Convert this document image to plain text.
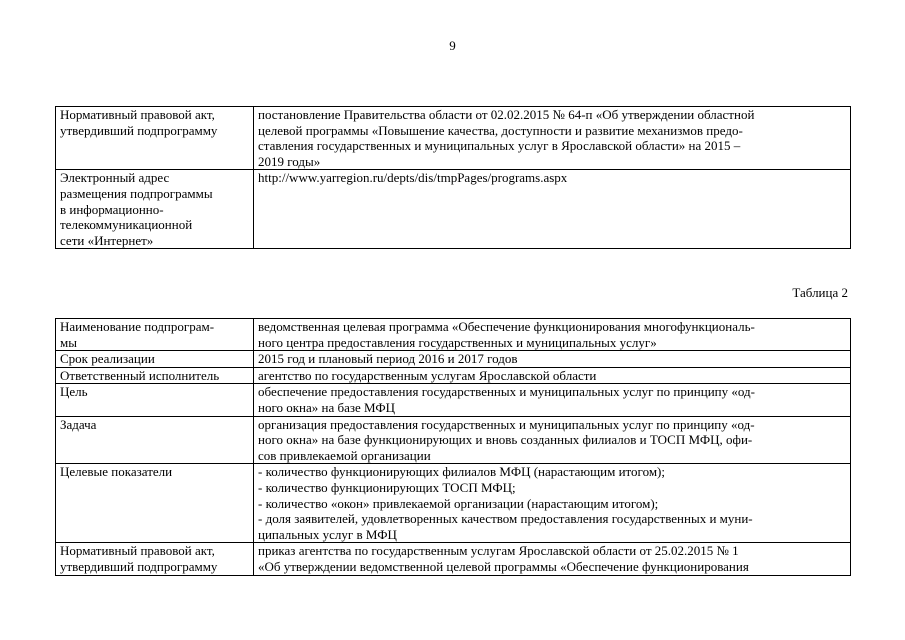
9
Нормативный правовой акт,
утвердивший подпрограмму	постановление Правительства области от 02.02.2015 № 64-п «Об утверждении областной
целевой программы «Повышение качества, доступности и развитие механизмов предо-
ставления государственных и муниципальных услуг в Ярославской области» на 2015 –
2019 годы»

Электронный адрес
размещения подпрограммы
в информационно-
телекоммуникационной
сети «Интернет»	http://www.yarregion.ru/depts/dis/tmpPages/programs.aspx
Таблица 2
Наименование подпрограм-
мы	ведомственная целевая программа «Обеспечение функционирования многофункциональ-
ного центра предоставления государственных и муниципальных услуг»

Срок реализации	2015 год и плановый период 2016 и 2017 годов

Ответственный исполнитель	агентство по государственным услугам Ярославской области

Цель	обеспечение предоставления государственных и муниципальных услуг по принципу «од-
ного окна» на базе МФЦ

Задача	организация предоставления государственных и муниципальных услуг по принципу «од-
ного окна» на базе функционирующих и вновь созданных филиалов и ТОСП МФЦ, офи-
сов привлекаемой организации

Целевые показатели	- количество функционирующих филиалов МФЦ (нарастающим итогом);
- количество функционирующих ТОСП МФЦ;
- количество «окон» привлекаемой организации (нарастающим итогом);
- доля заявителей, удовлетворенных качеством предоставления государственных и муни-
ципальных услуг в МФЦ

Нормативный правовой акт,
утвердивший подпрограмму	приказ агентства по государственным услугам Ярославской области от 25.02.2015 № 1
«Об утверждении ведомственной целевой программы «Обеспечение функционирования
